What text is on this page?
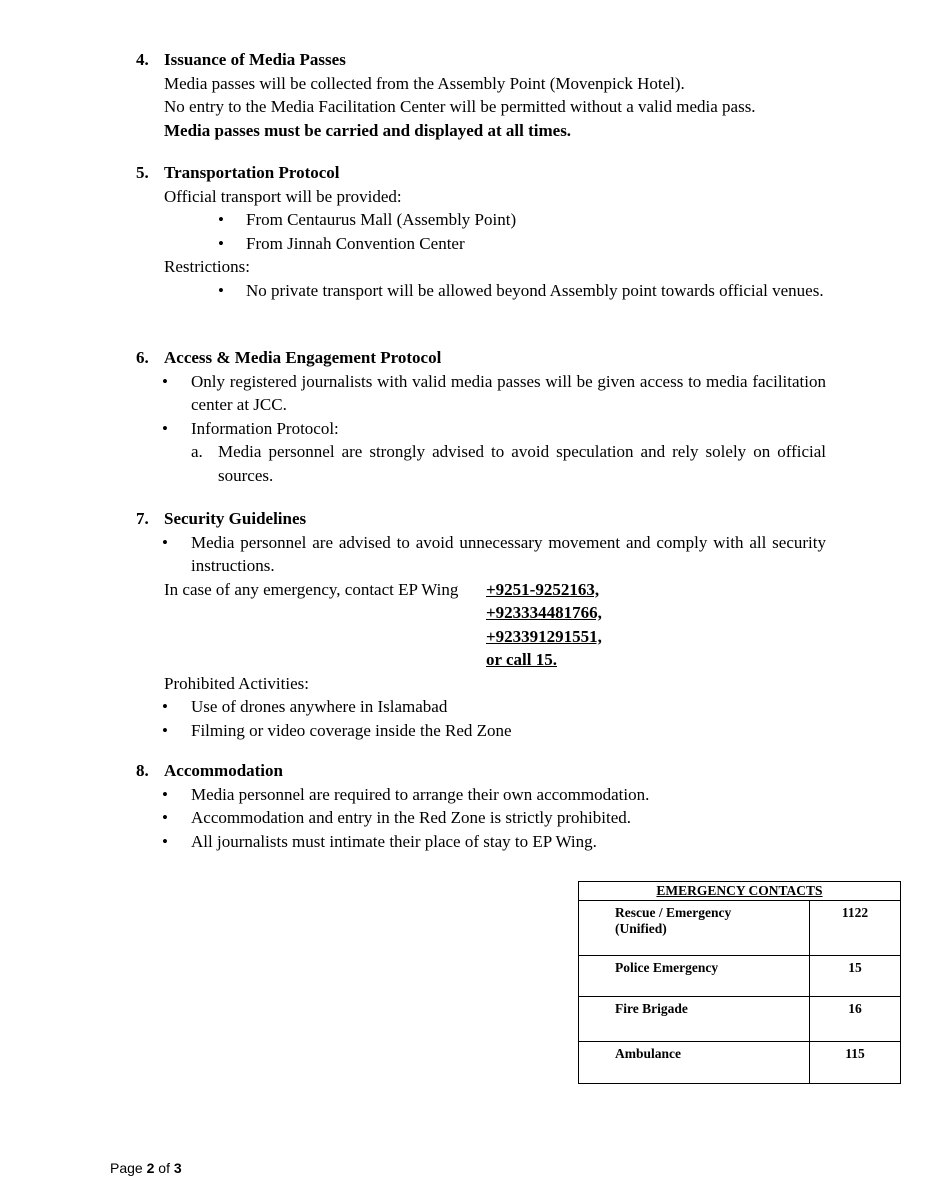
4. Issuance of Media Passes
Media passes will be collected from the Assembly Point (Movenpick Hotel).
No entry to the Media Facilitation Center will be permitted without a valid media pass.
Media passes must be carried and displayed at all times.
5. Transportation Protocol
Official transport will be provided:
• From Centaurus Mall (Assembly Point)
• From Jinnah Convention Center
Restrictions:
• No private transport will be allowed beyond Assembly point towards official venues.
6. Access & Media Engagement Protocol
• Only registered journalists with valid media passes will be given access to media facilitation center at JCC.
• Information Protocol:
a. Media personnel are strongly advised to avoid speculation and rely solely on official sources.
7. Security Guidelines
• Media personnel are advised to avoid unnecessary movement and comply with all security instructions.
In case of any emergency, contact EP Wing +9251-9252163,
+923334481766,
+923391291551,
or call 15.
Prohibited Activities:
• Use of drones anywhere in Islamabad
• Filming or video coverage inside the Red Zone
8. Accommodation
• Media personnel are required to arrange their own accommodation.
• Accommodation and entry in the Red Zone is strictly prohibited.
• All journalists must intimate their place of stay to EP Wing.
EMERGENCY CONTACTS	
Rescue / Emergency
(Unified)	1122
Police Emergency	15
Fire Brigade	16
Ambulance	115
Page 2 of 3
